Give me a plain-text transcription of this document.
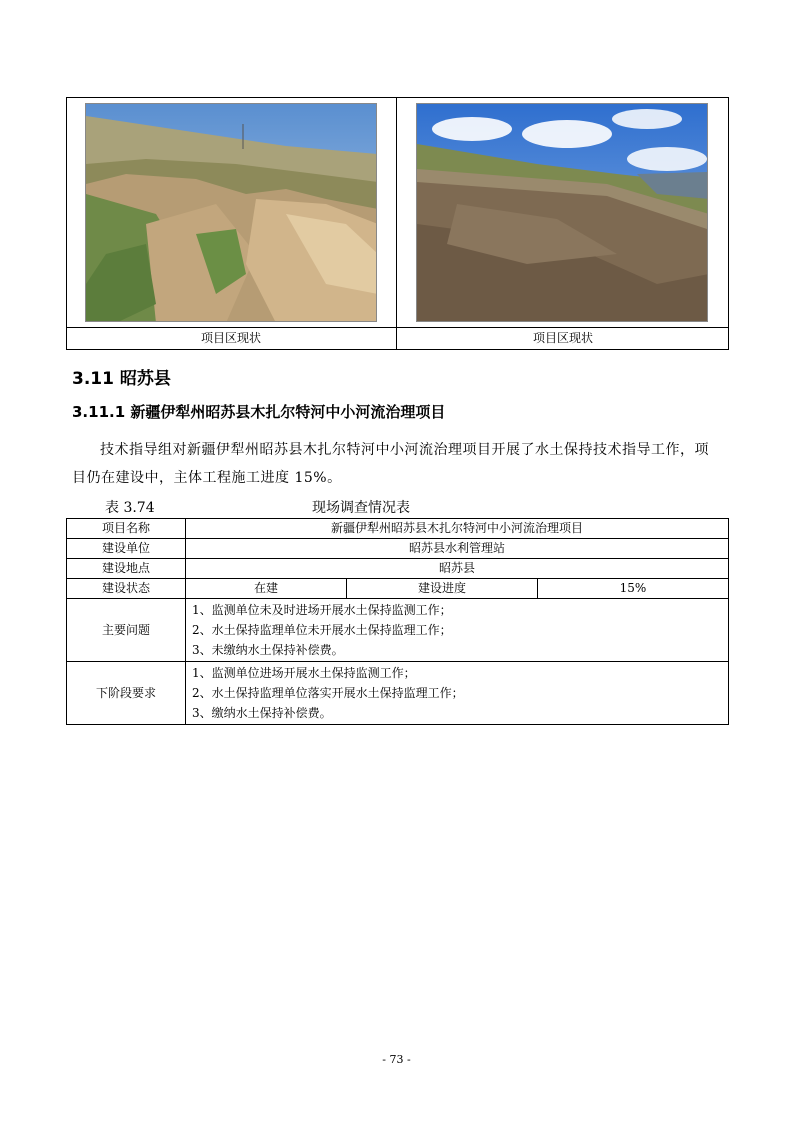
项目区现状	项目区现状
3.11 昭苏县
3.11.1 新疆伊犁州昭苏县木扎尔特河中小河流治理项目
技术指导组对新疆伊犁州昭苏县木扎尔特河中小河流治理项目开展了水土保持技术指导工作，项目仍在建设中，主体工程施工进度 15%。
表 3.74	现场调查情况表
项目名称	新疆伊犁州昭苏县木扎尔特河中小河流治理项目		
建设单位	昭苏县水利管理站		
建设地点	昭苏县		
建设状态	在建	建设进度	15%
主要问题	1、监测单位未及时进场开展水土保持监测工作；
2、水土保持监理单位未开展水土保持监理工作；
3、未缴纳水土保持补偿费。		

下阶段要求	1、监测单位进场开展水土保持监测工作；
2、水土保持监理单位落实开展水土保持监理工作；
3、缴纳水土保持补偿费。		
- 73 -
